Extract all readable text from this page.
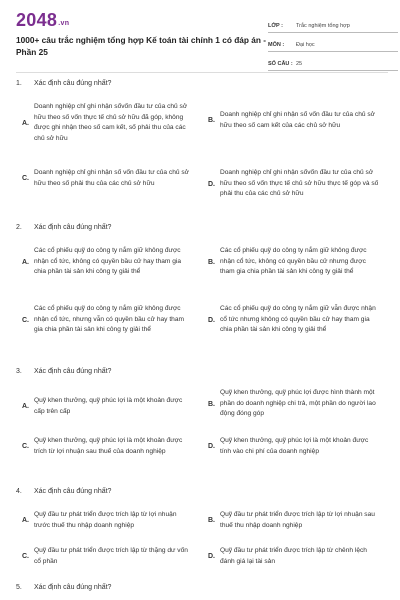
2048.vn
1000+ câu trắc nghiệm tổng hợp Kế toán tài chính 1 có đáp án - Phần 25
LỚP :	Trắc nghiệm tổng hợp
MÔN :	Đại học
SỐ CÂU : 25
1. Xác định câu đúng nhất?
A.
Doanh nghiệp chỉ ghi nhận sốvốn đầu tư của chủ sở hữu theo số vốn thực tế chủ sở hữu đã góp, không được ghi nhận theo số cam kết, số phải thu của các chủ sở hữu
B.
Doanh nghiệp chỉ ghi nhận số vốn đầu tư của chủ sở hữu theo số cam kết của các chủ sở hữu
C.
Doanh nghiệp chỉ ghi nhận số vốn đầu tư của chủ sở hữu theo số phải thu của các chủ sở hữu	D.
Doanh nghiệp chỉ ghi nhận sốvốn đầu tư của chủ sở hữu theo số vốn thực tế chủ sở hữu thực tế góp và số phải thu của các chủ sở hữu
2. Xác định câu đúng nhất?
A.
Các cổ phiếu quỹ do công ty nắm giữ không được nhận cổ tức, không có quyền bầu cử hay tham gia chia phần tài sản khi công ty giải thể
B.
Các cổ phiếu quỹ do công ty nắm giữ không được nhận cổ tức, không có quyền bầu cử nhưng được tham gia chia phần tài sản khi công ty giải thể
C.
Các cổ phiếu quỹ do công ty nắm giữ không được nhận cổ tức, nhưng vẫn có quyền bầu cử hay tham gia chia phần tài sản khi công ty giải thể
D.
Các cổ phiếu quỹ do công ty nắm giữ vẫn được nhận cổ tức nhưng không có quyền bầu cử hay tham gia chia phần tài sản khi công ty giải thể
3. Xác định câu đúng nhất?
A.
Quỹ khen thưởng, quỹ phúc lợi là một khoản được cấp trên cấp
B.
Quỹ khen thưởng, quỹ phúc lợi được hình thành một phần do doanh nghiệp chi trả, một phần do người lao động đóng góp
C.
Quỹ khen thưởng, quỹ phúc lợi là một khoản được trích từ lợi nhuận sau thuế của doanh nghiệp
D.
Quỹ khen thưởng, quỹ phúc lợi là một khoản được tính vào chi phí của doanh nghiệp
4. Xác định câu đúng nhất?
A.
Quỹ đầu tư phát triển được trích lập từ lợi nhuận trước thuế thu nhập doanh nghiệp
B.
Quỹ đầu tư phát triển được trích lập từ lợi nhuận sau thuế thu nhập doanh nghiệp
C.
Quỹ đầu tư phát triển được trích lập từ thặng dư vốn cổ phần
D.
Quỹ đầu tư phát triển được trích lập từ chênh lệch đánh giá lại tài sản
5. Xác định câu đúng nhất?
